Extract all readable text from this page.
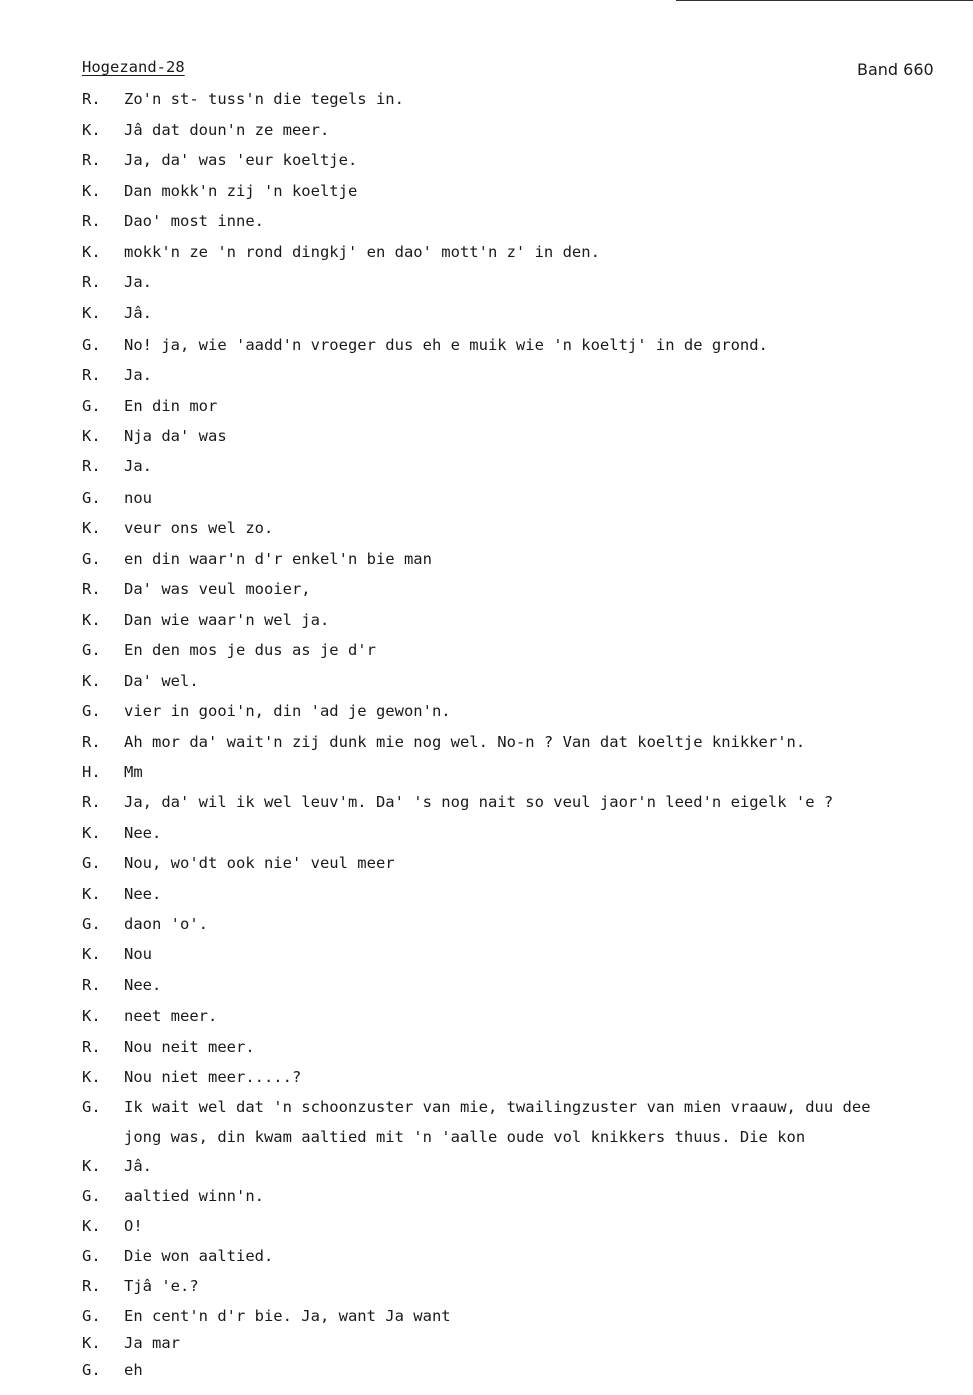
Hogezand-28	Band 660
R.	Zo'n st- tuss'n die tegels in.
K.	Jâ dat doun'n ze meer.
R.	Ja, da' was 'eur koeltje.
K.	Dan mokk'n zij 'n koeltje
R.	Dao' most inne.
K.	mokk'n ze 'n rond dingkj' en dao' mott'n z' in den.
R.	Ja.
K.	Jâ.
G.	No! ja, wie 'aadd'n vroeger dus eh e muik wie 'n koeltj' in de grond.
R.	Ja.
G.	En din mor
K.	Nja da' was
R.	Ja.
G.	nou
K.	veur ons wel zo.
G.	en din waar'n d'r enkel'n bie man
R.	Da' was veul mooier,
K.	Dan wie waar'n wel ja.
G.	En den mos je dus as je d'r
K.	Da' wel.
G.	vier in gooi'n, din 'ad je gewon'n.
R.	Ah mor da' wait'n zij dunk mie nog wel. No-n ? Van dat koeltje knikker'n.
H.	Mm
R.	Ja, da' wil ik wel leuv'm. Da' 's nog nait so veul jaor'n leed'n eigelk 'e ?
K.	Nee.
G.	Nou, wo'dt ook nie' veul meer
K.	Nee.
G.	daon 'o'.
K.	Nou
R.	Nee.
K.	neet meer.
R.	Nou neit meer.
K.	Nou niet meer.....?
G.	Ik wait wel dat 'n schoonzuster van mie, twailingzuster van mien vraauw, duu dee
jong was, din kwam aaltied mit 'n 'aalle oude vol knikkers thuus. Die kon
K.	Jâ.
G.	aaltied winn'n.
K.	O!
G.	Die won aaltied.
R.	Tjâ 'e.?
G.	En cent'n d'r bie. Ja, want Ja want
K.	Ja mar
G.	eh
